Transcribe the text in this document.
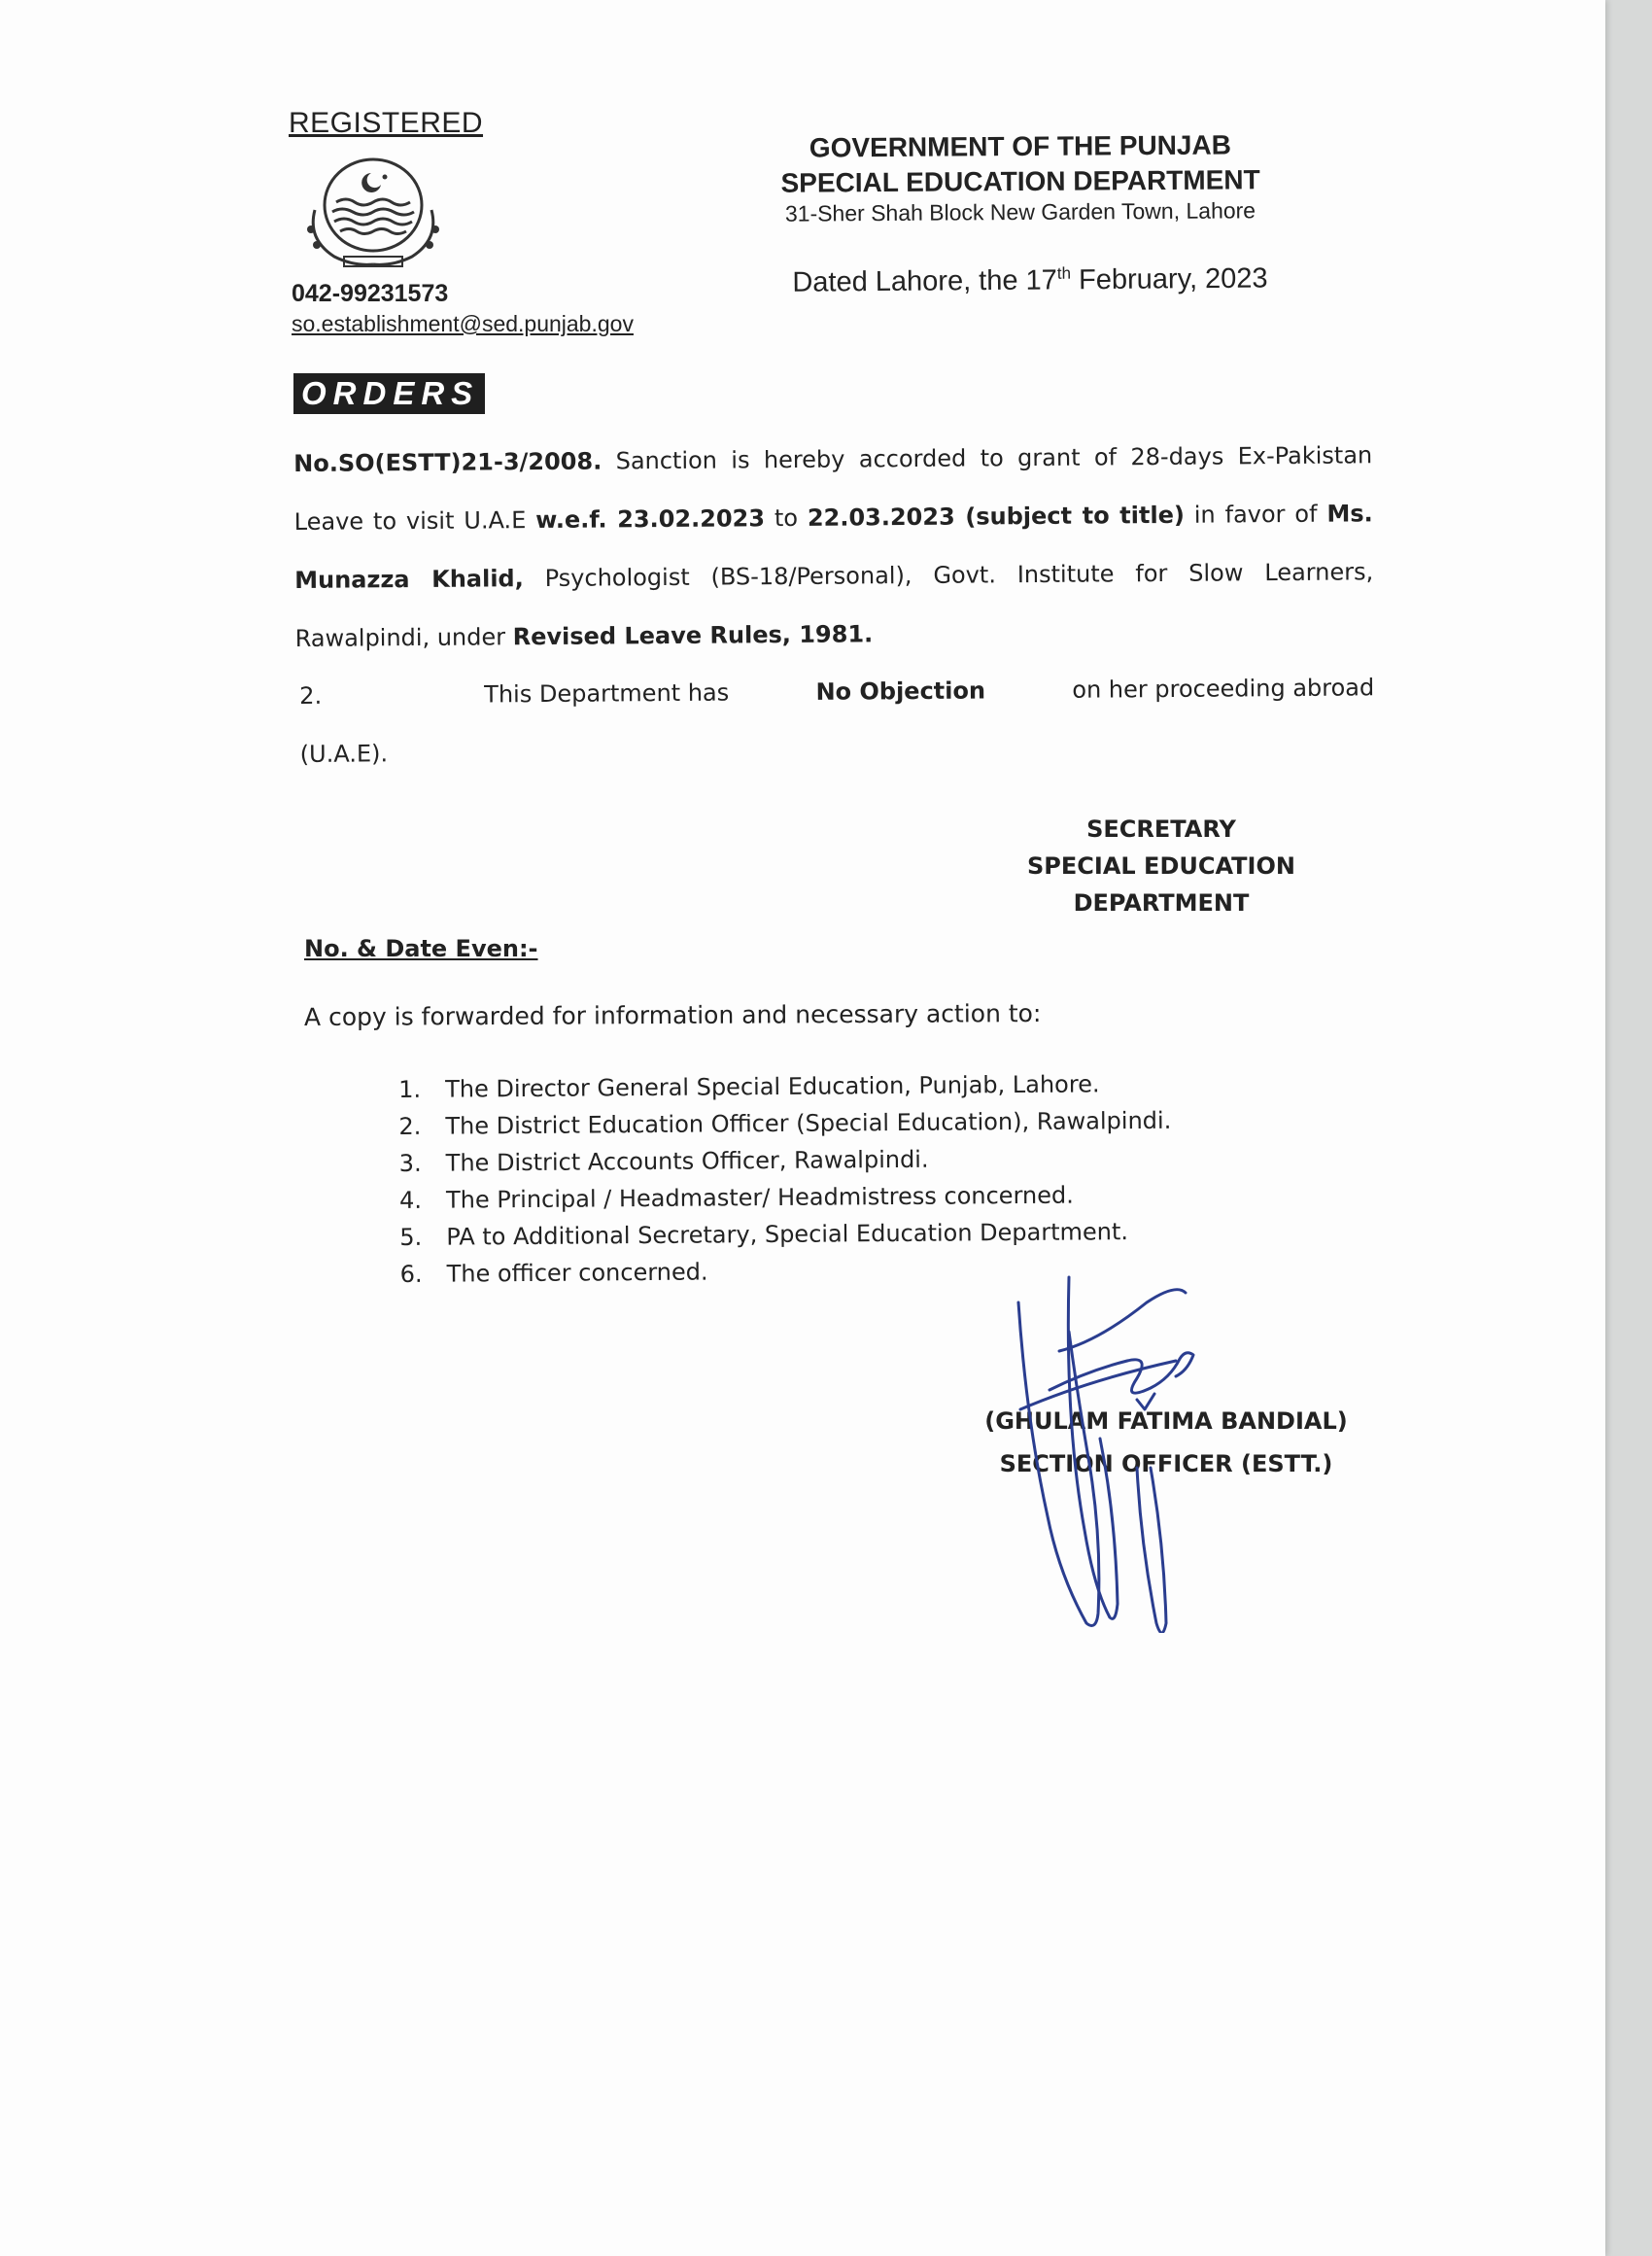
REGISTERED
042-99231573
so.establishment@sed.punjab.gov
GOVERNMENT OF THE PUNJAB
SPECIAL EDUCATION DEPARTMENT
31-Sher Shah Block New Garden Town, Lahore
Dated Lahore, the 17th February, 2023
ORDERS
No.SO(ESTT)21-3/2008. Sanction is hereby accorded to grant of 28-days Ex-Pakistan Leave to visit U.A.E w.e.f. 23.02.2023 to 22.03.2023 (subject to title) in favor of Ms. Munazza Khalid, Psychologist (BS-18/Personal), Govt. Institute for Slow Learners, Rawalpindi, under Revised Leave Rules, 1981.
2.	This Department has	No Objection	on her proceeding abroad
(U.A.E).
SECRETARY
SPECIAL EDUCATION
DEPARTMENT
No. & Date Even:-
A copy is forwarded for information and necessary action to:
1.	The Director General Special Education, Punjab, Lahore.
2.	The District Education Officer (Special Education), Rawalpindi.
3.	The District Accounts Officer, Rawalpindi.
4.	The Principal / Headmaster/ Headmistress concerned.
5.	PA to Additional Secretary, Special Education Department.
6.	The officer concerned.
(GHULAM FATIMA BANDIAL)
SECTION OFFICER (ESTT.)
